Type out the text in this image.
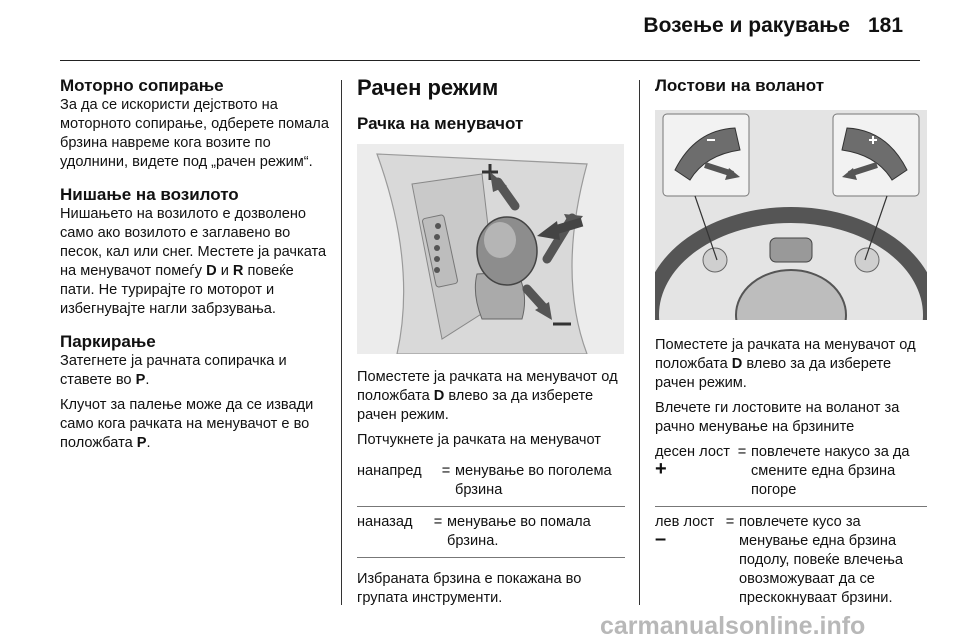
Возење и ракување 181
Моторно сопирање

За да се искористи дејството на моторното сопирање, одберете помала брзина навреме кога возите по удолнини, видете под „рачен режим“.

Нишање на возилото

Нишањето на возилото е дозволено само ако возилото е заглавено во песок, кал или снег. Местете ја рачката на менувачот помеѓу D и R повеќе пати. Не турирајте го моторот и избегнувајте нагли забрзувања.

Паркирање

Затегнете ја рачната сопирачка и ставете во P.

Клучот за палење може да се извади само кога рачката на менувачот е во положбата P.

Рачен режим
Рачка на менувачот

Поместете ја рачката на менувачот од положбата D влево за да изберете рачен режим.

Потчукнете ја рачката на менувачот

нанапред	= менување во поголема брзина
наназад	= менување во помала брзина.

Избраната брзина е покажана во групата инструменти.

Лостови на воланот

Поместете ја рачката на менувачот од положбата D влево за да изберете рачен режим.

Влечете ги лостовите на воланот за рачно менување на брзините

десен лост +
= повлечете накусо за да смените една брзина погоре
лев лост –
= повлечете кусо за менување една брзина подолу, повеќе влечења овозможуваат да се прескокнуваат брзини.
carmanualsonline.info
